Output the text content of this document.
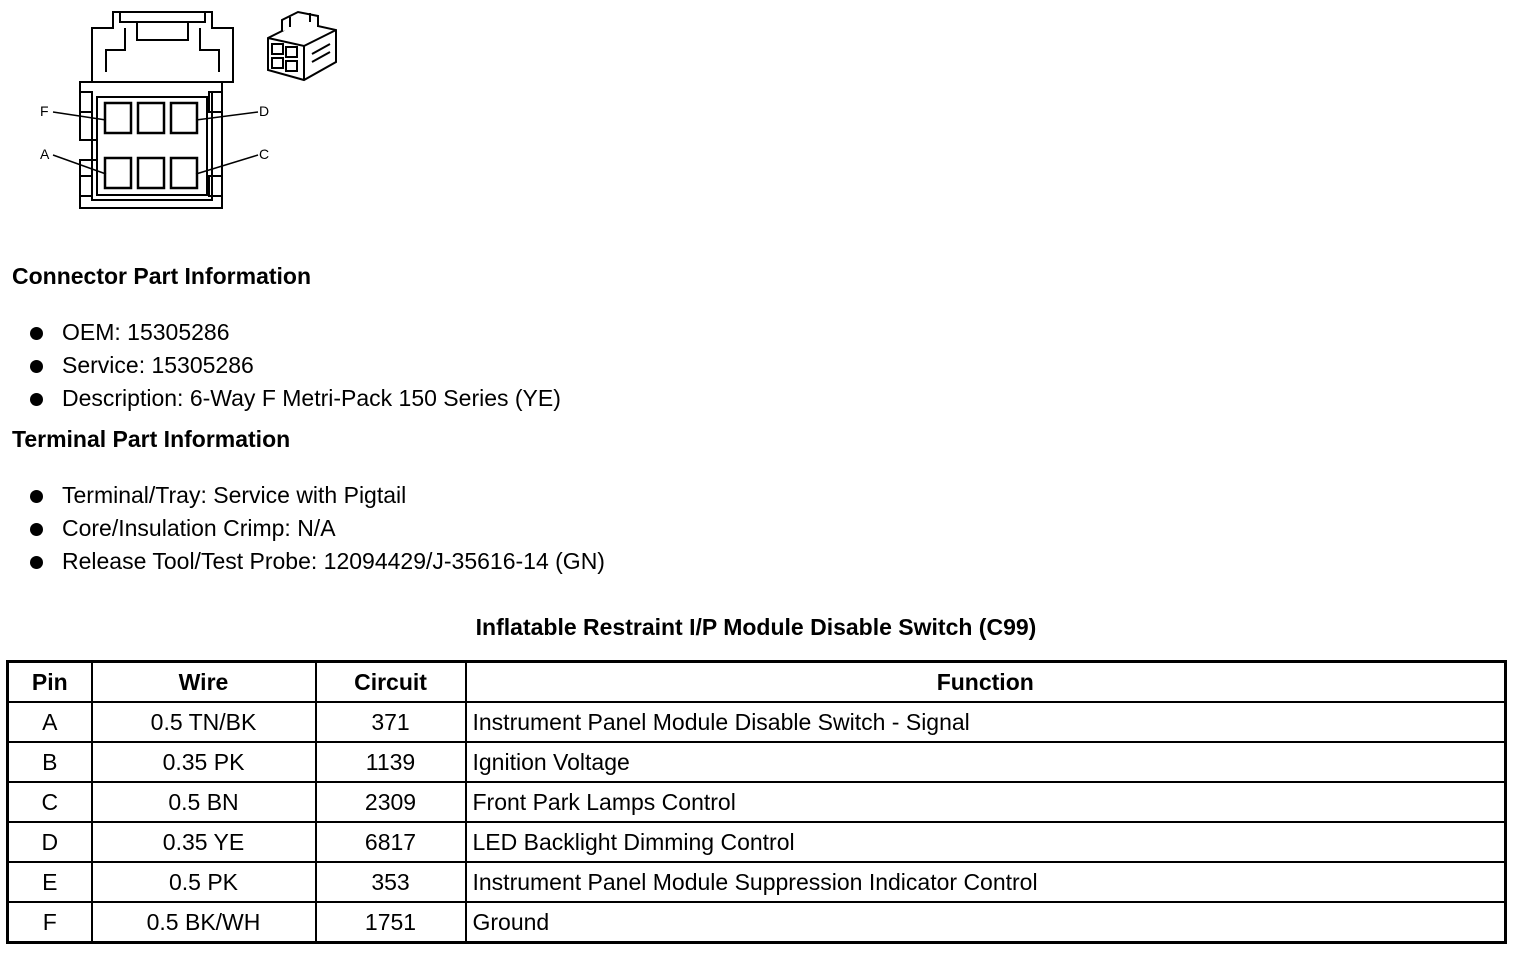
F	D
A	C
Connector Part Information
OEM: 15305286
Service: 15305286
Description: 6-Way F Metri-Pack 150 Series (YE)
Terminal Part Information
Terminal/Tray: Service with Pigtail
Core/Insulation Crimp: N/A
Release Tool/Test Probe: 12094429/J-35616-14 (GN)
Inflatable Restraint I/P Module Disable Switch (C99)
Pin	Wire	Circuit	Function
A	0.5 TN/BK	371	Instrument Panel Module Disable Switch - Signal
B	0.35 PK	1139	Ignition Voltage
C	0.5 BN	2309	Front Park Lamps Control
D	0.35 YE	6817	LED Backlight Dimming Control
E	0.5 PK	353	Instrument Panel Module Suppression Indicator Control
F	0.5 BK/WH	1751	Ground
